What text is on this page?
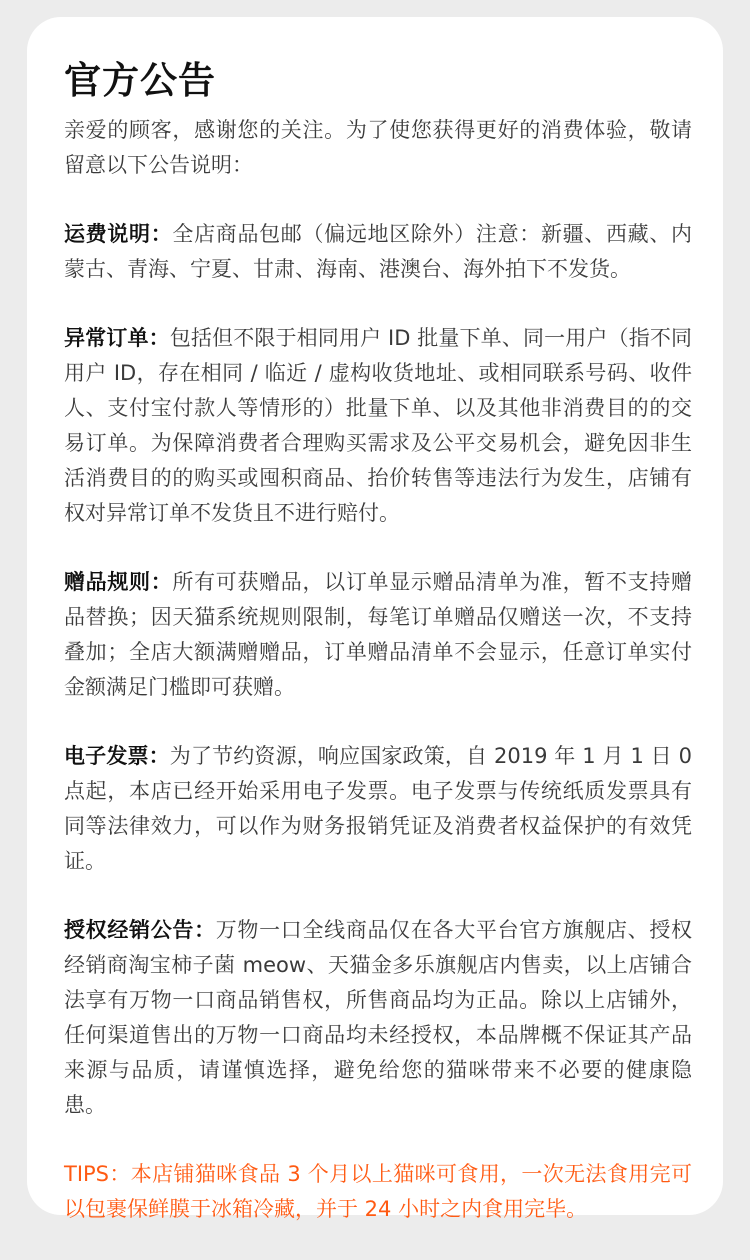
官方公告

亲爱的顾客，感谢您的关注。为了使您获得更好的消费体验，敬请留意以下公告说明：

运费说明：全店商品包邮（偏远地区除外）注意：新疆、西藏、内蒙古、青海、宁夏、甘肃、海南、港澳台、海外拍下不发货。

异常订单：包括但不限于相同用户 ID 批量下单、同一用户（指不同用户 ID，存在相同 / 临近 / 虚构收货地址、或相同联系号码、收件人、支付宝付款人等情形的）批量下单、以及其他非消费目的的交易订单。为保障消费者合理购买需求及公平交易机会，避免因非生活消费目的的购买或囤积商品、抬价转售等违法行为发生，店铺有权对异常订单不发货且不进行赔付。

赠品规则：所有可获赠品，以订单显示赠品清单为准，暂不支持赠品替换；因天猫系统规则限制，每笔订单赠品仅赠送一次，不支持叠加；全店大额满赠赠品，订单赠品清单不会显示，任意订单实付金额满足门槛即可获赠。

电子发票：为了节约资源，响应国家政策，自 2019 年 1 月 1 日 0 点起，本店已经开始采用电子发票。电子发票与传统纸质发票具有同等法律效力，可以作为财务报销凭证及消费者权益保护的有效凭证。

授权经销公告：万物一口全线商品仅在各大平台官方旗舰店、授权经销商淘宝柿子菌 meow、天猫金多乐旗舰店内售卖，以上店铺合法享有万物一口商品销售权，所售商品均为正品。除以上店铺外，任何渠道售出的万物一口商品均未经授权，本品牌概不保证其产品来源与品质，请谨慎选择，避免给您的猫咪带来不必要的健康隐患。

TIPS：本店铺猫咪食品 3 个月以上猫咪可食用，一次无法食用完可以包裹保鲜膜于冰箱冷藏，并于 24 小时之内食用完毕。
